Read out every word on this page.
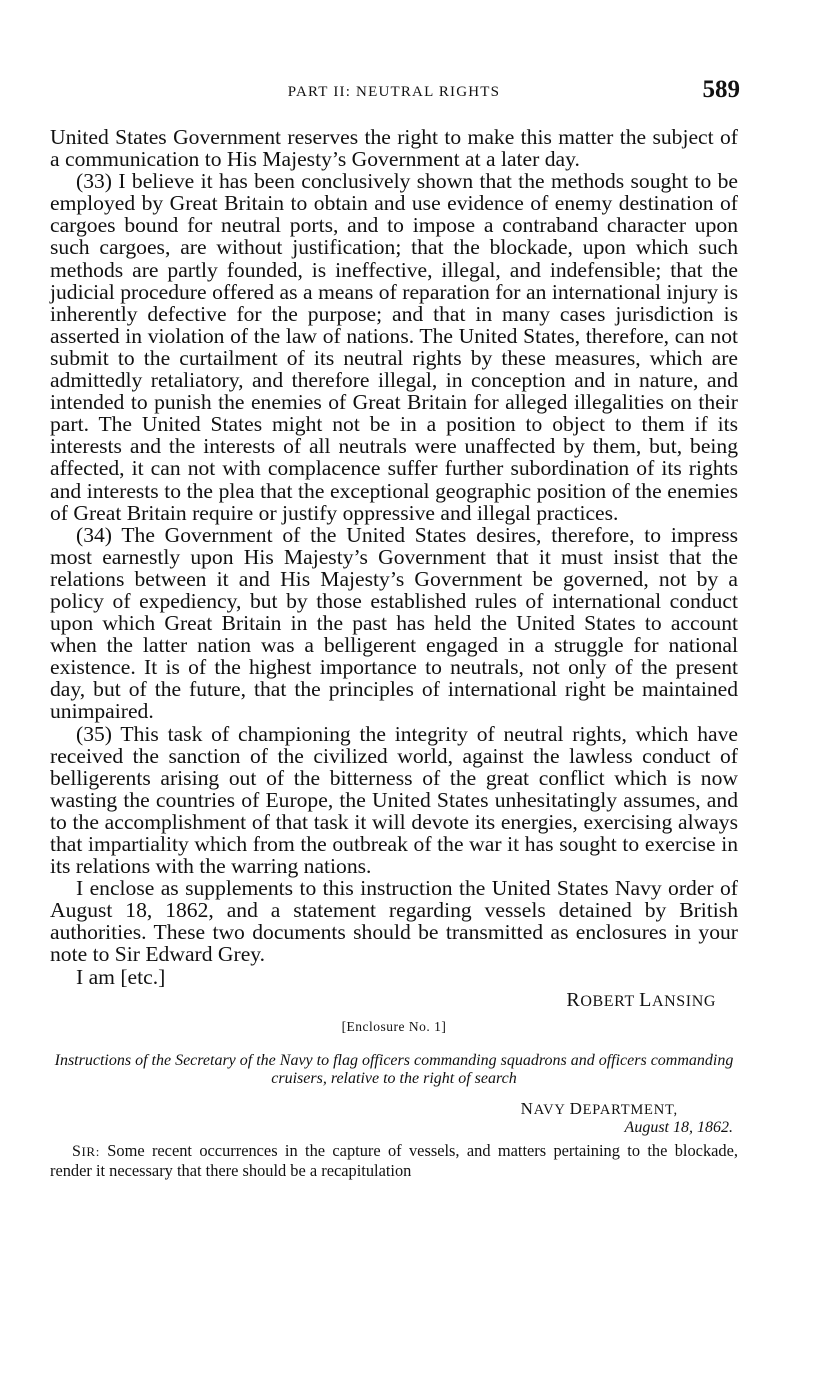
PART II: NEUTRAL RIGHTS	589

United States Government reserves the right to make this matter the subject of a communication to His Majesty’s Government at a later day.

(33) I believe it has been conclusively shown that the methods sought to be employed by Great Britain to obtain and use evidence of enemy destination of cargoes bound for neutral ports, and to impose a contraband character upon such cargoes, are without justification; that the blockade, upon which such methods are partly founded, is ineffective, illegal, and indefensible; that the judicial procedure offered as a means of reparation for an international injury is inherently defective for the purpose; and that in many cases jurisdiction is asserted in violation of the law of nations. The United States, therefore, can not submit to the curtailment of its neutral rights by these measures, which are admittedly retaliatory, and therefore illegal, in conception and in nature, and intended to punish the enemies of Great Britain for alleged illegalities on their part. The United States might not be in a position to object to them if its interests and the interests of all neutrals were unaffected by them, but, being affected, it can not with complacence suffer further subordination of its rights and interests to the plea that the exceptional geographic position of the enemies of Great Britain require or justify oppressive and illegal practices.

(34) The Government of the United States desires, therefore, to impress most earnestly upon His Majesty’s Government that it must insist that the relations between it and His Majesty’s Government be governed, not by a policy of expediency, but by those established rules of international conduct upon which Great Britain in the past has held the United States to account when the latter nation was a belligerent engaged in a struggle for national existence. It is of the highest importance to neutrals, not only of the present day, but of the future, that the principles of international right be maintained unimpaired.

(35) This task of championing the integrity of neutral rights, which have received the sanction of the civilized world, against the lawless conduct of belligerents arising out of the bitterness of the great conflict which is now wasting the countries of Europe, the United States unhesitatingly assumes, and to the accomplishment of that task it will devote its energies, exercising always that impartiality which from the outbreak of the war it has sought to exercise in its relations with the warring nations.

I enclose as supplements to this instruction the United States Navy order of August 18, 1862, and a statement regarding vessels detained by British authorities. These two documents should be transmitted as enclosures in your note to Sir Edward Grey.

I am [etc.]

ROBERT LANSING
[Enclosure No. 1]
Instructions of the Secretary of the Navy to flag officers commanding squadrons and officers commanding cruisers, relative to the right of search
NAVY DEPARTMENT,
August 18, 1862.

SIR: Some recent occurrences in the capture of vessels, and matters pertaining to the blockade, render it necessary that there should be a recapitulation
